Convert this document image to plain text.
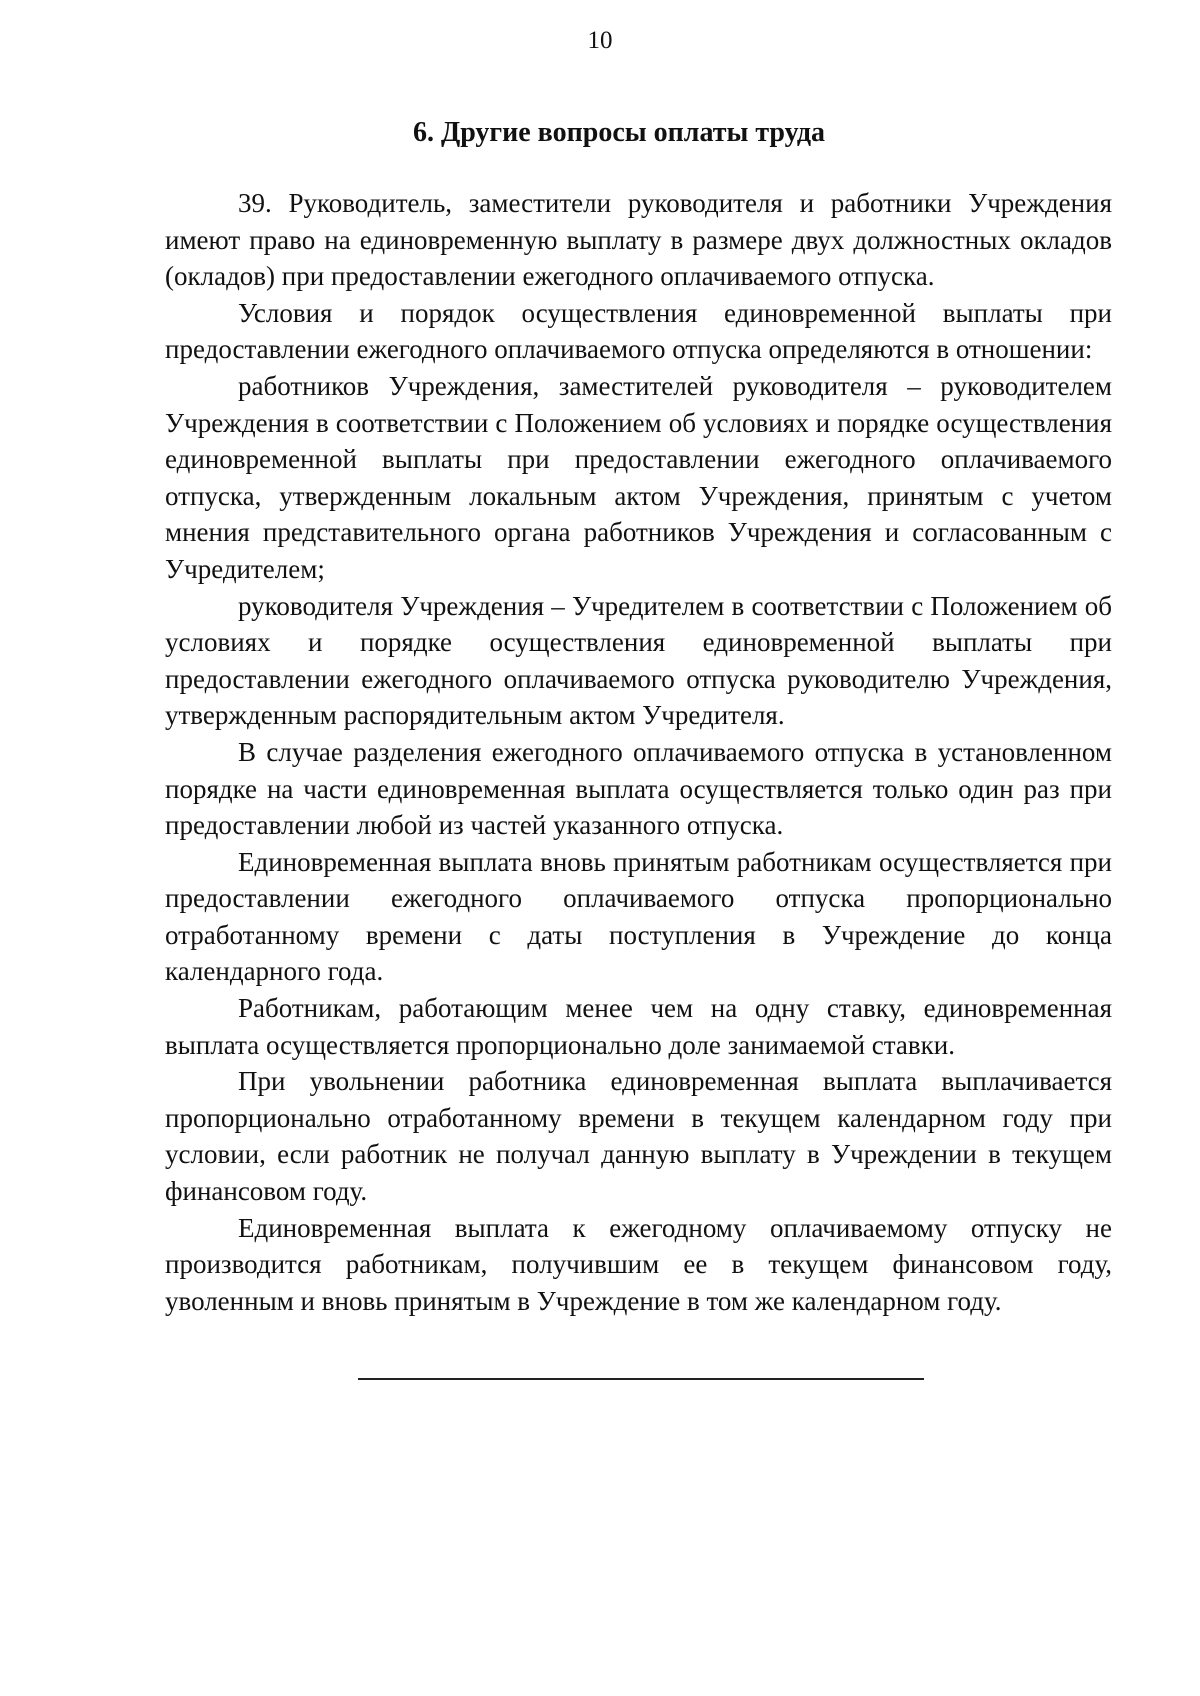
10
6. Другие вопросы оплаты труда

39. Руководитель, заместители руководителя и работники Учреждения имеют право на единовременную выплату в размере двух должностных окладов (окладов) при предоставлении ежегодного оплачиваемого отпуска.

Условия и порядок осуществления единовременной выплаты при предоставлении ежегодного оплачиваемого отпуска определяются в отношении:

работников Учреждения, заместителей руководителя – руководителем Учреждения в соответствии с Положением об условиях и порядке осуществления единовременной выплаты при предоставлении ежегодного оплачиваемого отпуска, утвержденным локальным актом Учреждения, принятым с учетом мнения представительного органа работников Учреждения и согласованным с Учредителем;

руководителя Учреждения – Учредителем в соответствии с Положением об условиях и порядке осуществления единовременной выплаты при предоставлении ежегодного оплачиваемого отпуска руководителю Учреждения, утвержденным распорядительным актом Учредителя.

В случае разделения ежегодного оплачиваемого отпуска в установленном порядке на части единовременная выплата осуществляется только один раз при предоставлении любой из частей указанного отпуска.

Единовременная выплата вновь принятым работникам осуществляется при предоставлении ежегодного оплачиваемого отпуска пропорционально отработанному времени с даты поступления в Учреждение до конца календарного года.

Работникам, работающим менее чем на одну ставку, единовременная выплата осуществляется пропорционально доле занимаемой ставки.

При увольнении работника единовременная выплата выплачивается пропорционально отработанному времени в текущем календарном году при условии, если работник не получал данную выплату в Учреждении в текущем финансовом году.

Единовременная выплата к ежегодному оплачиваемому отпуску не производится работникам, получившим ее в текущем финансовом году, уволенным и вновь принятым в Учреждение в том же календарном году.
